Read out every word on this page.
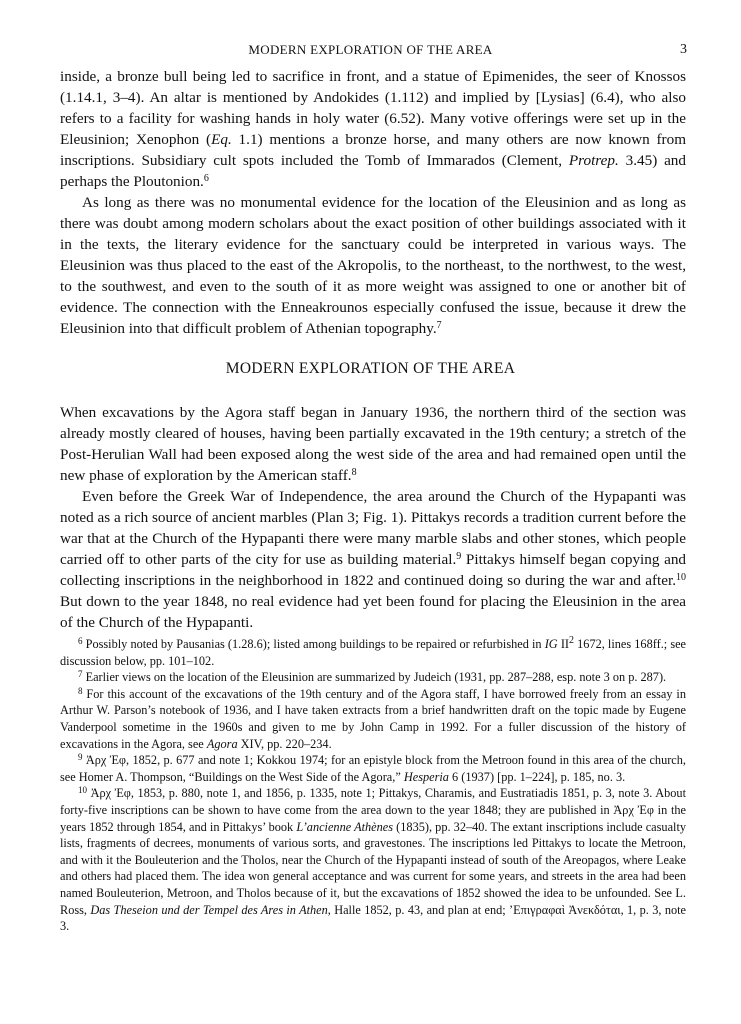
MODERN EXPLORATION OF THE AREA	3

inside, a bronze bull being led to sacrifice in front, and a statue of Epimenides, the seer of Knossos (1.14.1, 3–4). An altar is mentioned by Andokides (1.112) and implied by [Lysias] (6.4), who also refers to a facility for washing hands in holy water (6.52). Many votive offerings were set up in the Eleusinion; Xenophon (Eq. 1.1) mentions a bronze horse, and many others are now known from inscriptions. Subsidiary cult spots included the Tomb of Immarados (Clement, Protrep. 3.45) and perhaps the Ploutonion.$^6$

As long as there was no monumental evidence for the location of the Eleusinion and as long as there was doubt among modern scholars about the exact position of other buildings associated with it in the texts, the literary evidence for the sanctuary could be interpreted in various ways. The Eleusinion was thus placed to the east of the Akropolis, to the northeast, to the northwest, to the west, to the southwest, and even to the south of it as more weight was assigned to one or another bit of evidence. The connection with the Enneakrounos especially confused the issue, because it drew the Eleusinion into that difficult problem of Athenian topography.$^7$

MODERN EXPLORATION OF THE AREA

When excavations by the Agora staff began in January 1936, the northern third of the section was already mostly cleared of houses, having been partially excavated in the 19th century; a stretch of the Post-Herulian Wall had been exposed along the west side of the area and had remained open until the new phase of exploration by the American staff.$^8$

Even before the Greek War of Independence, the area around the Church of the Hypapanti was noted as a rich source of ancient marbles (Plan 3; Fig. 1). Pittakys records a tradition current before the war that at the Church of the Hypapanti there were many marble slabs and other stones, which people carried off to other parts of the city for use as building material.$^9$ Pittakys himself began copying and collecting inscriptions in the neighborhood in 1822 and continued doing so during the war and after.$^{10}$ But down to the year 1848, no real evidence had yet been found for placing the Eleusinion in the area of the Church of the Hypapanti.

$^6$ Possibly noted by Pausanias (1.28.6); listed among buildings to be repaired or refurbished in IG $II^2$ 1672, lines 168ff.; see discussion below, pp. 101–102.

$^7$ Earlier views on the location of the Eleusinion are summarized by Judeich (1931, pp. 287–288, esp. note 3 on p. 287).

$^8$ For this account of the excavations of the 19th century and of the Agora staff, I have borrowed freely from an essay in Arthur W. Parson’s notebook of 1936, and I have taken extracts from a brief handwritten draft on the topic made by Eugene Vanderpool sometime in the 1960s and given to me by John Camp in 1992. For a fuller discussion of the history of excavations in the Agora, see Agora XIV, pp. 220–234.

$^9$ Ἀρχ Ἐφ, 1852, p. 677 and note 1; Kokkou 1974; for an epistyle block from the Metroon found in this area of the church, see Homer A. Thompson, “Buildings on the West Side of the Agora,” Hesperia 6 (1937) [pp. 1–224], p. 185, no. 3.

$^{10}$ Ἀρχ Ἐφ, 1853, p. 880, note 1, and 1856, p. 1335, note 1; Pittakys, Charamis, and Eustratiadis 1851, p. 3, note 3. About forty-five inscriptions can be shown to have come from the area down to the year 1848; they are published in Ἀρχ Ἐφ in the years 1852 through 1854, and in Pittakys’ book L’ancienne Athènes (1835), pp. 32–40. The extant inscriptions include casualty lists, fragments of decrees, monuments of various sorts, and gravestones. The inscriptions led Pittakys to locate the Metroon, and with it the Bouleuterion and the Tholos, near the Church of the Hypapanti instead of south of the Areopagos, where Leake and others had placed them. The idea won general acceptance and was current for some years, and streets in the area had been named Bouleuterion, Metroon, and Tholos because of it, but the excavations of 1852 showed the idea to be unfounded. See L. Ross, Das Theseion und der Tempel des Ares in Athen, Halle 1852, p. 43, and plan at end; ’Επιγραφαὶ Ἀνεκδόται, 1, p. 3, note 3.
